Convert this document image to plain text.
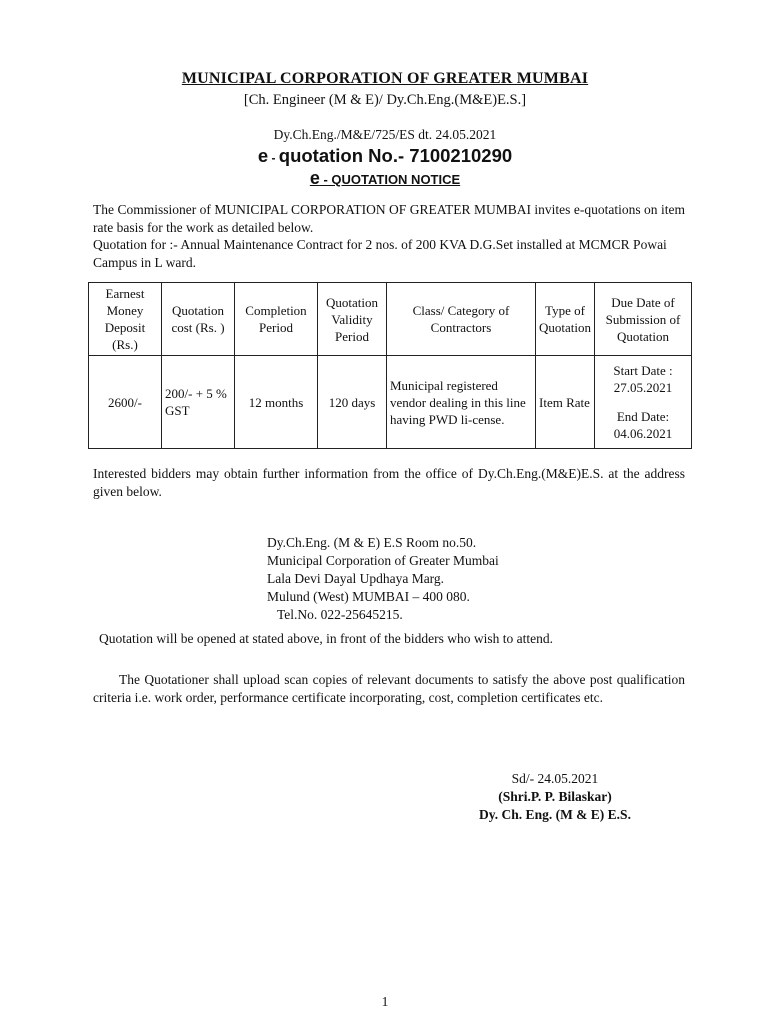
MUNICIPAL CORPORATION OF GREATER MUMBAI
[Ch. Engineer (M & E)/ Dy.Ch.Eng.(M&E)E.S.]
Dy.Ch.Eng./M&E/725/ES dt. 24.05.2021
e - quotation No.- 7100210290
e - QUOTATION NOTICE
The Commissioner of MUNICIPAL CORPORATION OF GREATER MUMBAI invites e-quotations on item rate basis for the work as detailed below.
Quotation for :- Annual Maintenance Contract for 2 nos. of 200 KVA D.G.Set installed at MCMCR Powai Campus in L ward.
Earnest Money Deposit (Rs.)	Quotation cost (Rs. )	Completion Period	Quotation Validity Period	Class/ Category of Contractors	Type of Quotation	Due Date of Submission of Quotation
2600/-	200/- + 5 % GST	12 months	120 days	Municipal registered vendor dealing in this line having PWD li-cense.	Item Rate	Start Date :
27.05.2021
End Date:
04.06.2021
Interested bidders may obtain further information from the office of Dy.Ch.Eng.(M&E)E.S. at the address given below.
Dy.Ch.Eng. (M & E) E.S Room no.50.
Municipal Corporation of Greater Mumbai
Lala Devi Dayal Updhaya Marg.
Mulund (West) MUMBAI – 400 080.
Tel.No. 022-25645215.
Quotation will be opened at stated above, in front of the bidders who wish to attend.
The Quotationer shall upload scan copies of relevant documents to satisfy the above post qualification criteria i.e. work order, performance certificate incorporating, cost, completion certificates etc.
Sd/- 24.05.2021
(Shri.P. P. Bilaskar)
Dy. Ch. Eng. (M & E) E.S.
1
